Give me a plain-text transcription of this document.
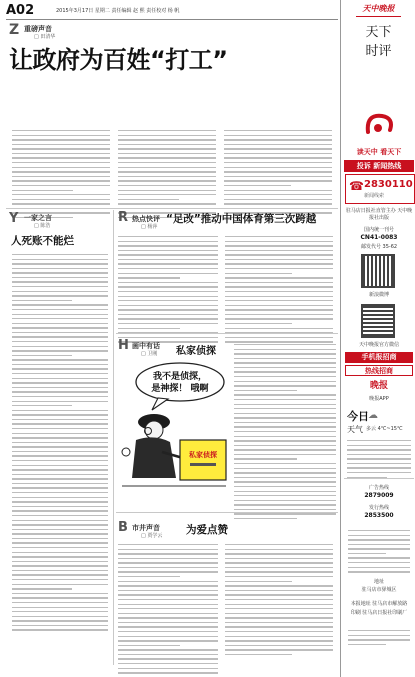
A02	2015年3月17日 星期二 责任编辑 赵 熙 责任校对 杨 帆
Z 重磅声音
□ 田清华
让政府为百姓“打工”
Y 一家之言
□ 陈浩
人死账不能烂
R 热点快评
□ 杨萍
“足改”推动中国体育第三次跨越
H 画中有话
□ 卫刚 私家侦探
我不是侦探，
是神探！ 哦啊
私家侦探
B 市井声音
□ 贾学云 为爱点赞
天中晚报
天下
时评
读天中 看天下
投诉 新闻热线
☎ 2830110
新闻线索
驻马店日报社直管主办 天中晚报社出版
国内统一刊号
CN41-0083
邮发代号 35-62
新浪微博
天中晚报官方微信
手机报招商
热线招商
晚报
晚报APP
今日
天气
☁
多云 4℃~15℃
广告热线
2879009
发行热线
2853500
地址
驻马店市驿城区
本报地址 驻马店市解放路
印刷 驻马店日报社印刷厂
